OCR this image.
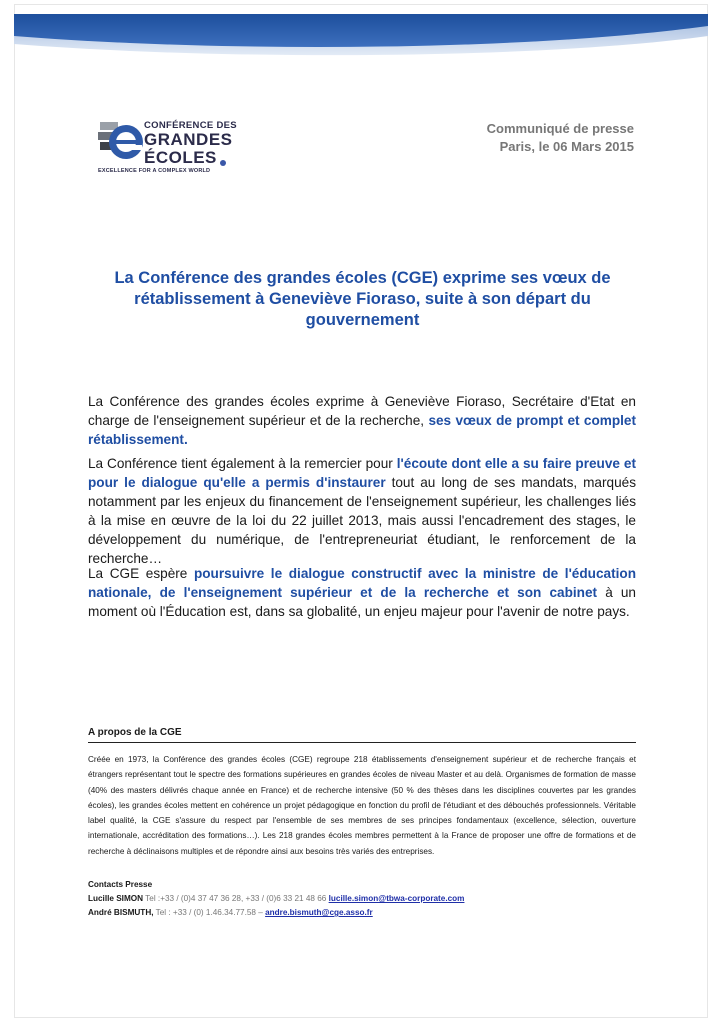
CONFÉRENCE DES
GRANDES
ÉCOLES
EXCELLENCE FOR A COMPLEX WORLD
Communiqué de presse
Paris, le 06 Mars 2015
La Conférence des grandes écoles (CGE) exprime ses vœux de rétablissement à Geneviève Fioraso, suite à son départ du gouvernement
La Conférence des grandes écoles exprime à Geneviève Fioraso, Secrétaire d'Etat en charge de l'enseignement supérieur et de la recherche, ses vœux de prompt et complet rétablissement.
La Conférence tient également à la remercier pour l'écoute dont elle a su faire preuve et pour le dialogue qu'elle a permis d'instaurer tout au long de ses mandats, marqués notamment par les enjeux du financement de l'enseignement supérieur, les challenges liés à la mise en œuvre de la loi du 22 juillet 2013, mais aussi l'encadrement des stages, le développement du numérique, de l'entrepreneuriat étudiant, le renforcement de la recherche…
La CGE espère poursuivre le dialogue constructif avec la ministre de l'éducation nationale, de l'enseignement supérieur et de la recherche et son cabinet à un moment où l'Éducation est, dans sa globalité, un enjeu majeur pour l'avenir de notre pays.
A propos de la CGE
Créée en 1973, la Conférence des grandes écoles (CGE) regroupe 218 établissements d'enseignement supérieur et de recherche français et étrangers représentant tout le spectre des formations supérieures en grandes écoles de niveau Master et au delà. Organismes de formation de masse (40% des masters délivrés chaque année en France) et de recherche intensive (50 % des thèses dans les disciplines couvertes par les grandes écoles), les grandes écoles mettent en cohérence un projet pédagogique en fonction du profil de l'étudiant et des débouchés professionnels. Véritable label qualité, la CGE s'assure du respect par l'ensemble de ses membres de ses principes fondamentaux (excellence, sélection, ouverture internationale, accréditation des formations…). Les 218 grandes écoles membres permettent à la France de proposer une offre de formations et de recherche à déclinaisons multiples et de répondre ainsi aux besoins très variés des entreprises.
Contacts Presse
Lucille SIMON Tel :+33 / (0)4 37 47 36 28, +33 / (0)6 33 21 48 66 lucille.simon@tbwa-corporate.com
André BISMUTH, Tel : +33 / (0) 1.46.34.77.58 – andre.bismuth@cge.asso.fr
